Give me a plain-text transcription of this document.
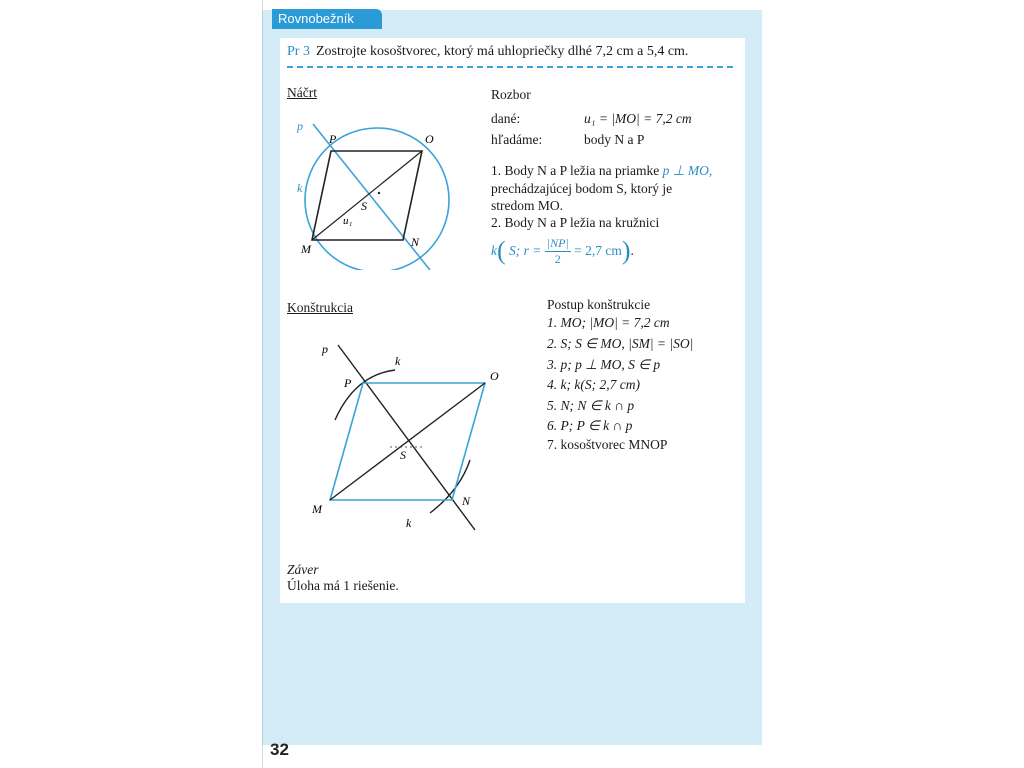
Rovnobežník
Pr 3 Zostrojte kosoštvorec, ktorý má uhlopriečky dlhé 7,2 cm a 5,4 cm.
Náčrt
p
k
P	O
S
u₁
M	N
Rozbor
dané:	u₁ = |MO| = 7,2 cm
hľadáme:	body N a P
1. Body N a P ležia na priamke p ⊥ MO,
prechádzajúcej bodom S, ktorý je
stredom MO.
2. Body N a P ležia na kružnici
k( S; $r = \frac{|NP|}{2} = 2,7$ cm).
Konštrukcia
p
k
P	O
S
M
N
k
Postup konštrukcie
1. MO; |MO| = 7,2 cm
2. S; S ∈ MO, |SM| = |SO|
3. p; p ⊥ MO, S ∈ p
4. k; k(S; 2,7 cm)
5. N; N ∈ k ∩ p
6. P; P ∈ k ∩ p
7. kosoštvorec MNOP
Záver
Úloha má 1 riešenie.
32
